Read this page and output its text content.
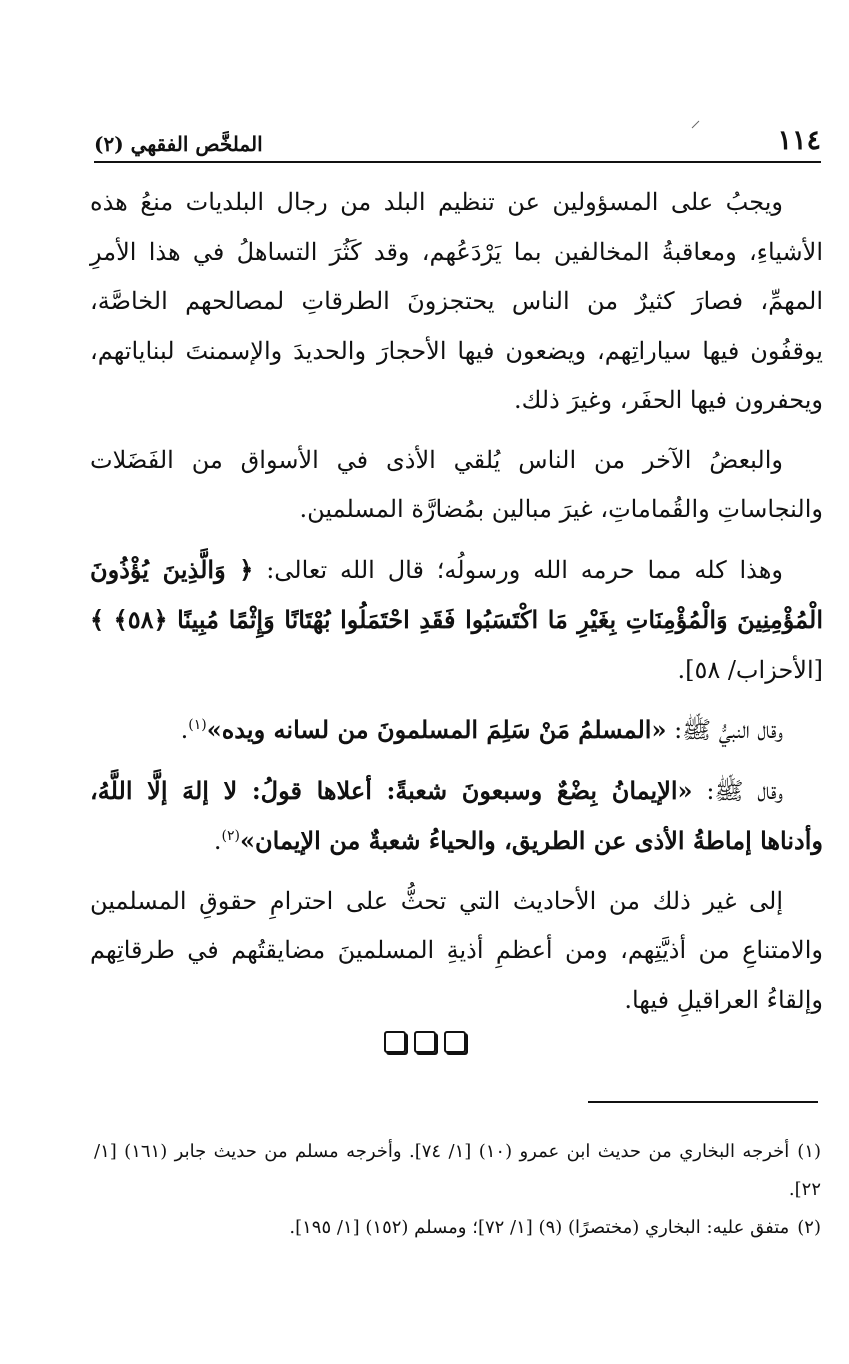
١١٤
الملخَّص الفقهي (٢)

ويجبُ على المسؤولين عن تنظيم البلد من رجال البلديات منعُ هذه الأشياءِ، ومعاقبةُ المخالفين بما يَرْدَعُهم، وقد كَثُرَ التساهلُ في هذا الأمرِ المهمِّ، فصارَ كثيرٌ من الناس يحتجزونَ الطرقاتِ لمصالحهم الخاصَّة، يوقفُون فيها سياراتِهم، ويضعون فيها الأحجارَ والحديدَ والإسمنتَ لبناياتهم، ويحفرون فيها الحفَر، وغيرَ ذلك.

والبعضُ الآخر من الناس يُلقي الأذى في الأسواق من الفَضَلات والنجاساتِ والقُماماتِ، غيرَ مبالين بمُضارَّة المسلمين.

وهذا كله مما حرمه الله ورسولُه؛ قال الله تعالى: ﴿ وَالَّذِينَ يُؤْذُونَ الْمُؤْمِنِينَ وَالْمُؤْمِنَاتِ بِغَيْرِ مَا اكْتَسَبُوا فَقَدِ احْتَمَلُوا بُهْتَانًا وَإِثْمًا مُبِينًا ﴿٥٨﴾ ﴾ [الأحزاب/ ٥٨].

وقال النبيُّ ﷺ: «المسلمُ مَنْ سَلِمَ المسلمونَ من لسانه ويده»$^{(١)}$.

وقال ﷺ: «الإيمانُ بِضْعٌ وسبعونَ شعبةً: أعلاها قولُ: لا إلهَ إلَّا اللَّهُ، وأدناها إماطةُ الأذى عن الطريق، والحياءُ شعبةٌ من الإيمان»$^{(٢)}$.

إلى غير ذلك من الأحاديث التي تحثُّ على احترامِ حقوقِ المسلمين والامتناعِ من أذيَّتِهم، ومن أعظمِ أذيةِ المسلمينَ مضايقتُهم في طرقاتِهم وإلقاءُ العراقيلِ فيها.

(١)أخرجه البخاري من حديث ابن عمرو (١٠) [١/ ٧٤]. وأخرجه مسلم من حديث جابر (١٦١) [١/ ٢٢].

(٢)متفق عليه: البخاري (مختصرًا) (٩) [١/ ٧٢]؛ ومسلم (١٥٢) [١/ ١٩٥].
